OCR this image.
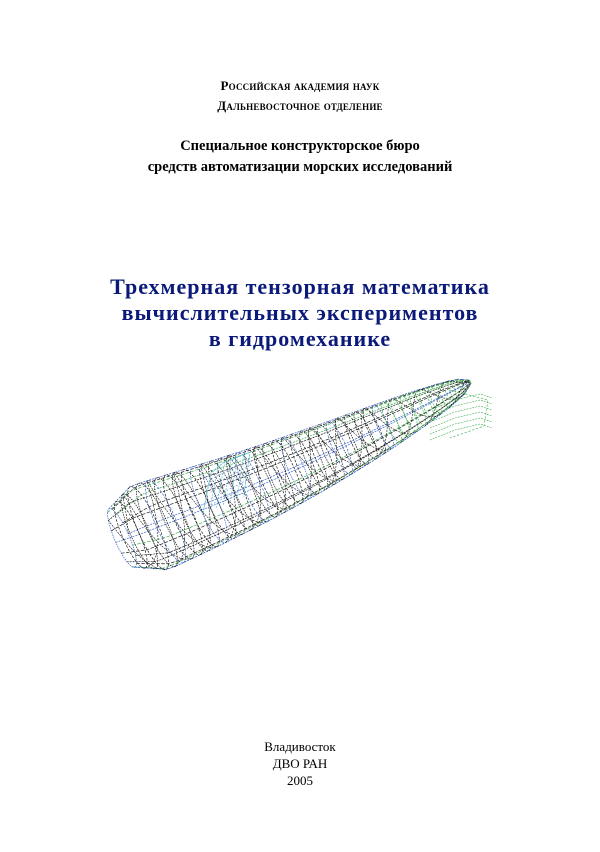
Российская академия наук
Дальневосточное отделение
Специальное конструкторское бюро
средств автоматизации морских исследований
Трехмерная тензорная математика
вычислительных экспериментов
в гидромеханике
Владивосток
ДВО РАН
2005
